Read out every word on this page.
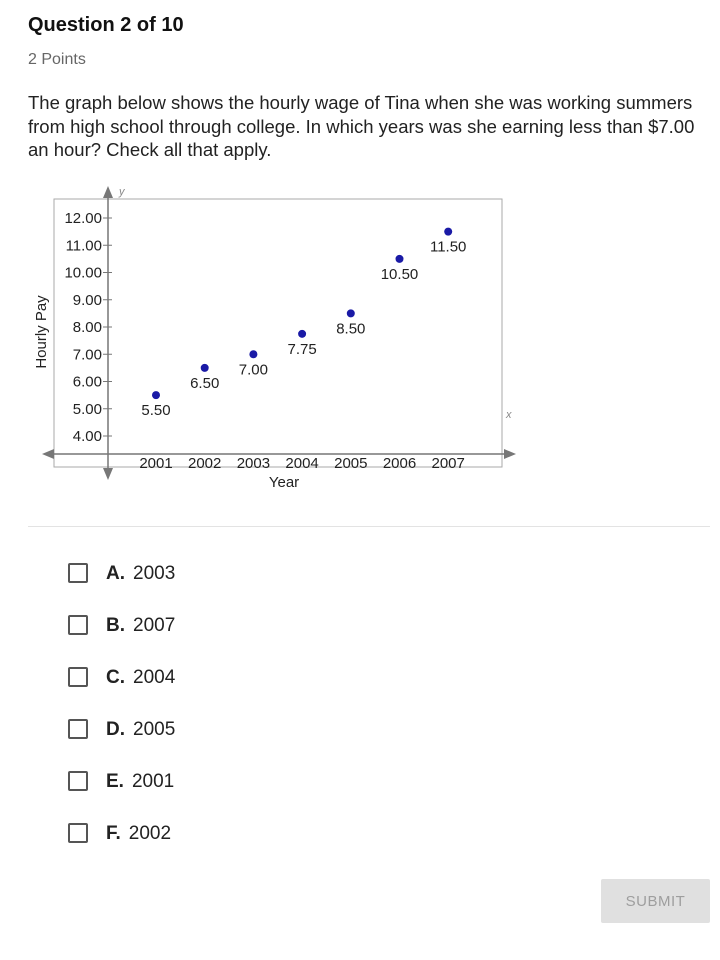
Question 2 of 10
2 Points
The graph below shows the hourly wage of Tina when she was working summers from high school through college. In which years was she earning less than $7.00 an hour? Check all that apply.
y
x
4.00
5.00
6.00
7.00
8.00
9.00
10.00
11.00
12.00
2001 2002 2003 2004 2005 2006 2007
Year
Hourly Pay
5.50
6.50
7.00
7.75
8.50
10.50
11.50
A. 2003
B. 2007
C. 2004
D. 2005
E. 2001
F. 2002
SUBMIT
